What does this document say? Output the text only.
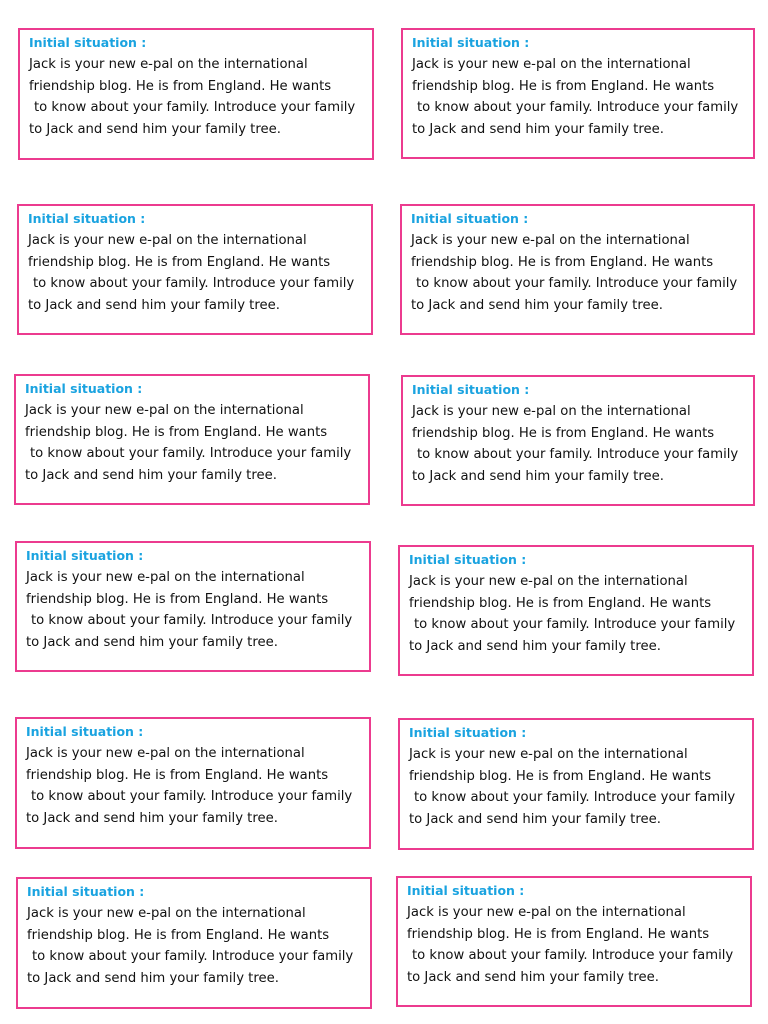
Initial situation :
Jack is your new e-pal on the international
friendship blog. He is from England. He wants
to know about your family. Introduce your family
to Jack and send him your family tree.
Initial situation :
Jack is your new e-pal on the international
friendship blog. He is from England. He wants
to know about your family. Introduce your family
to Jack and send him your family tree.
Initial situation :
Jack is your new e-pal on the international
friendship blog. He is from England. He wants
to know about your family. Introduce your family
to Jack and send him your family tree.
Initial situation :
Jack is your new e-pal on the international
friendship blog. He is from England. He wants
to know about your family. Introduce your family
to Jack and send him your family tree.
Initial situation :
Jack is your new e-pal on the international
friendship blog. He is from England. He wants
to know about your family. Introduce your family
to Jack and send him your family tree.
Initial situation :
Jack is your new e-pal on the international
friendship blog. He is from England. He wants
to know about your family. Introduce your family
to Jack and send him your family tree.
Initial situation :
Jack is your new e-pal on the international
friendship blog. He is from England. He wants
to know about your family. Introduce your family
to Jack and send him your family tree.
Initial situation :
Jack is your new e-pal on the international
friendship blog. He is from England. He wants
to know about your family. Introduce your family
to Jack and send him your family tree.
Initial situation :
Jack is your new e-pal on the international
friendship blog. He is from England. He wants
to know about your family. Introduce your family
to Jack and send him your family tree.
Initial situation :
Jack is your new e-pal on the international
friendship blog. He is from England. He wants
to know about your family. Introduce your family
to Jack and send him your family tree.
Initial situation :
Jack is your new e-pal on the international
friendship blog. He is from England. He wants
to know about your family. Introduce your family
to Jack and send him your family tree.
Initial situation :
Jack is your new e-pal on the international
friendship blog. He is from England. He wants
to know about your family. Introduce your family
to Jack and send him your family tree.
